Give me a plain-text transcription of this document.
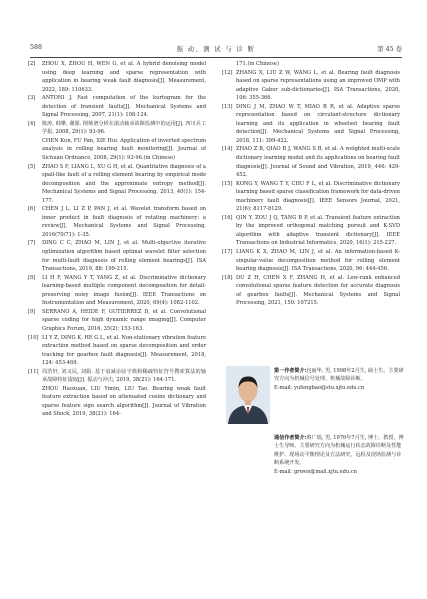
588	振 动、测 试 与 诊 断	第 45 卷
[2] ZHOU X, ZHOU H, WEN G, et al. A hybrid denoising model using deep learning and sparse representation with application in bearing weak fault diagnosis[J]. Measurement, 2022, 189: 110633.
[3] ANTONI J. Fast computation of the kurtogram for the detection of transient faults[J]. Mechanical Systems and Signal Processing, 2007, 21(1): 108-124.
[4] 陈涛, 韩攀, 谢源. 倒频谱分析在滚动轴承故障监测中的运用[J]. 四川兵工学报, 2008, 29(1): 93-96.
CHEN Kun, FU Pan, XIE Hui. Application of inverted spectrum analysis in rolling bearing fault monitoring[J]. Journal of Sichuan Ordnance, 2008, 29(1): 93-96.(in Chinese)
[5] ZHAO S F, LIANG L, XU G H, et al. Quantitative diagnosis of a spall-like fault of a rolling element bearing by empirical mode decomposition and the approximate entropy method[J]. Mechanical Systems and Signal Processing, 2013, 40(1): 154-177.
[6] CHEN J L, LI Z P, PAN J, et al. Wavelet transform based on inner product in fault diagnosis of rotating machinery: a review[J]. Mechanical Systems and Signal Processing, 2016(70/71): 1-35.
[7] DING C C, ZHAO M, LIN J, et al. Multi-objective iterative optimization algorithm based optimal wavelet filter selection for multi-fault diagnosis of rolling element bearings[J]. ISA Transactions, 2019, 88: 199-215.
[8] LI H F, WANG Y T, YANG Z, et al. Discriminative dictionary learning-based multiple component decomposition for detail-preserving noisy image fusion[J]. IEEE Transactions on Instrumentation and Measurement, 2020, 69(4): 1082-1102.
[9] SERRANO A, HEIDE F, GUTIERREZ D, et al. Convolutional sparse coding for high dynamic range imaging[J]. Computer Graphics Forum, 2016, 35(2): 153-163.
[10] LI Y Z, DING K, HE G L, et al. Non-stationary vibration feature extraction method based on sparse decomposition and order tracking for gearbox fault diagnosis[J]. Measurement, 2018, 124: 453-469.
[11] 周浩轩, 刘义民, 刘娟. 基于衰减余弦字典和稀疏特征符号搜索算法的轴承故障特征提取[J]. 振动与冲击, 2019, 38(21): 164-171.
ZHOU Haoxuan, LIU Yimin, LIU Tao. Bearing weak fault feature extraction based on attenuated cosine dictionary and sparse feature sign search algorithm[J]. Journal of Vibration and Shock, 2019, 38(21): 164-
171.(in Chinese)
[12] ZHANG X, LIU Z W, WANG L, et al. Bearing fault diagnosis based on sparse representations using an improved OMP with adaptive Gabor sub-dictionaries[J]. ISA Transactions, 2020, 106: 355-366.
[13] DING J M, ZHAO W T, MIAO B R, et al. Adaptive sparse representation based on circulant-structure dictionary learning and its application in wheelset bearing fault detection[J]. Mechanical Systems and Signal Processing, 2018, 111: 399-422.
[14] ZHAO Z B, QIAO B J, WANG S B, et al. A weighted multi-scale dictionary learning model and its applications on bearing fault diagnosis[J]. Journal of Sound and Vibration, 2019, 446: 429-452.
[15] KONG Y, WANG T Y, CHU F L, et al. Discriminative dictionary learning based sparse classification framework for data-driven machinery fault diagnosis[J]. IEEE Sensors Journal, 2021, 21(6): 8117-8129.
[16] QIN Y, ZOU J Q, TANG B P, et al. Transient feature extraction by the improved orthogonal matching pursuit and K-SVD algorithm with adaptive transient dictionary[J]. IEEE Transactions on Industrial Informatics, 2020, 16(1): 215-227.
[17] LIANG K X, ZHAO M, LIN J, et al. An information-based K-singular-value decomposition method for rolling element bearing diagnosis[J]. ISA Transactions, 2020, 96: 444-456.
[18] DU Z H, CHEN X F, ZHANG H, et al. Low-rank enhanced convolutional sparse feature detection for accurate diagnosis of gearbox faults[J]. Mechanical Systems and Signal Processing, 2021, 150: 107215.
第一作者简介:包丽华, 男, 1998年2月生, 硕士生。主要研究方向为机械信号处理、机械故障诊断。
E-mail: yufengbao@stu.xjtu.edu.cn
通信作者简介:蔡广瑞, 男, 1976年7月生, 博士、教授、博士生导师。主要研究方向为机械运行状态故障诊断及性能维护、现场动平衡理论及方法研究、远程及现场监测与诊断系统开发。
E-mail: grwen@mail.xjtu.edu.cn
